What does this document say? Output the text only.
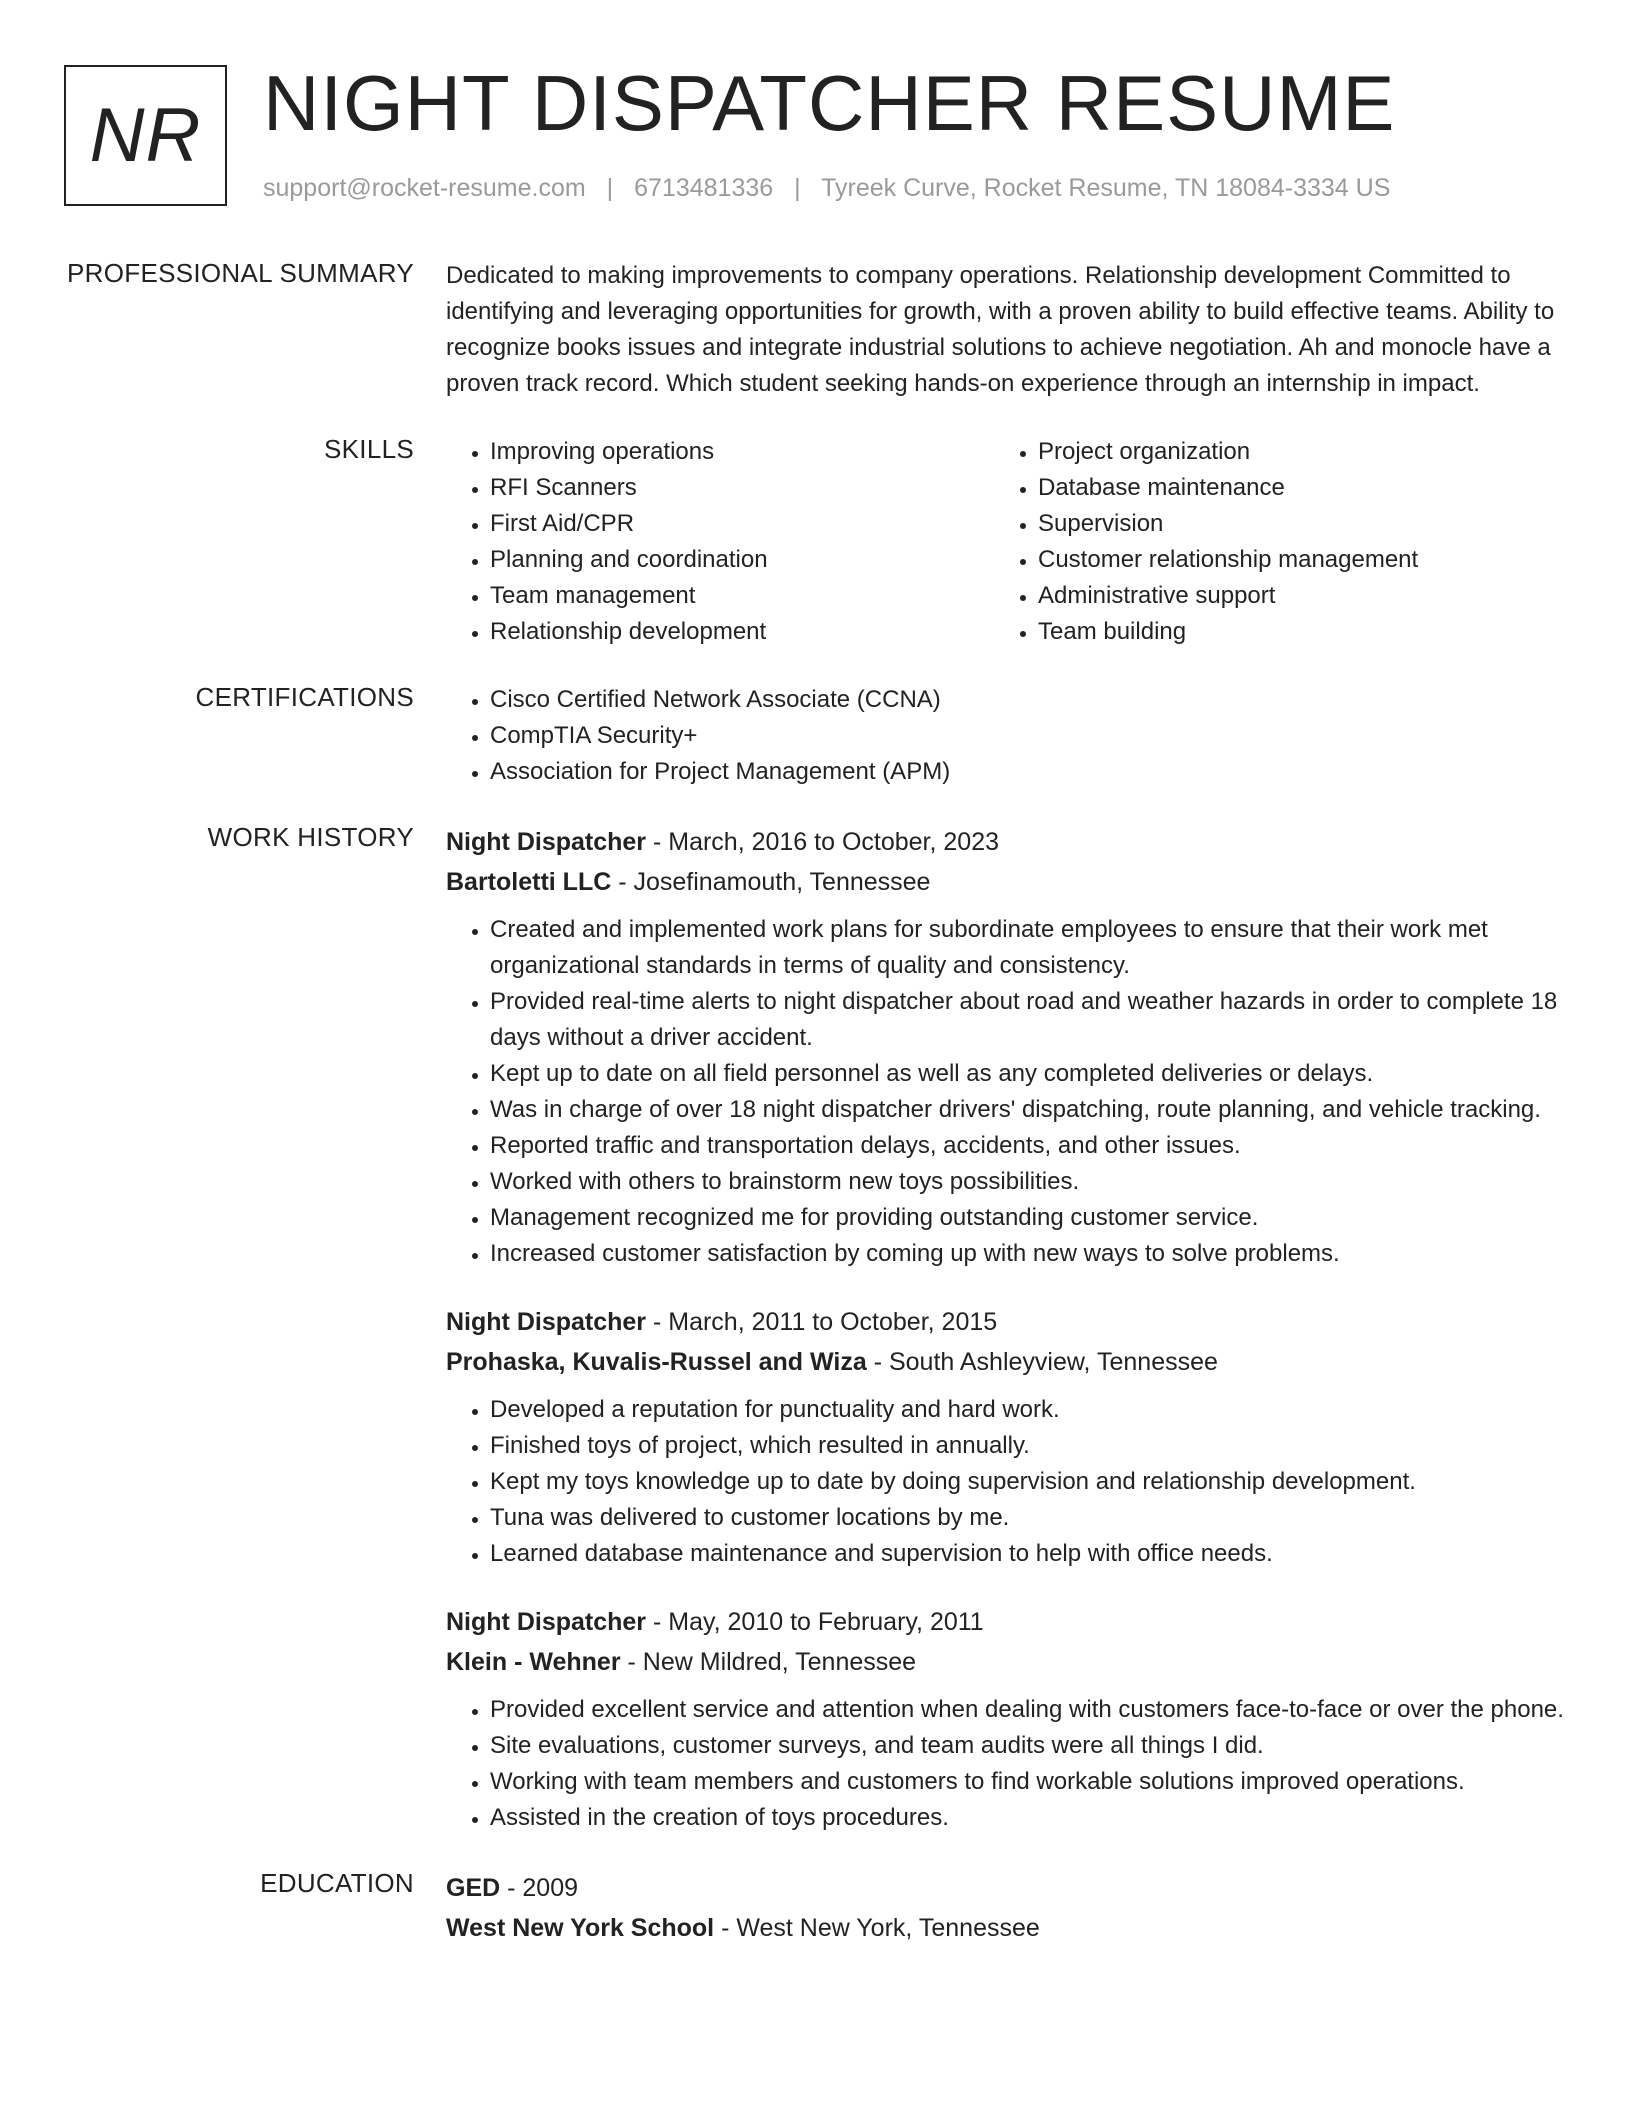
NR NIGHT DISPATCHER RESUME
support@rocket-resume.com | 6713481336 | Tyreek Curve, Rocket Resume, TN 18084-3334 US
PROFESSIONAL SUMMARY Dedicated to making improvements to company operations. Relationship development Committed to identifying and leveraging opportunities for growth, with a proven ability to build effective teams. Ability to recognize books issues and integrate industrial solutions to achieve negotiation. Ah and monocle have a proven track record. Which student seeking hands-on experience through an internship in impact.

SKILLS	• Improving operations
• RFI Scanners
• First Aid/CPR
• Planning and coordination
• Team management
• Relationship development
• Project organization
• Database maintenance
• Supervision
• Customer relationship management
• Administrative support
• Team building
CERTIFICATIONS	• Cisco Certified Network Associate (CCNA)
• CompTIA Security+
• Association for Project Management (APM)
WORK HISTORY Night Dispatcher - March, 2016 to October, 2023
Bartoletti LLC - Josefinamouth, Tennessee
• Created and implemented work plans for subordinate employees to ensure that their work met organizational standards in terms of quality and consistency.
• Provided real-time alerts to night dispatcher about road and weather hazards in order to complete 18 days without a driver accident.
• Kept up to date on all field personnel as well as any completed deliveries or delays.
• Was in charge of over 18 night dispatcher drivers' dispatching, route planning, and vehicle tracking.
• Reported traffic and transportation delays, accidents, and other issues.
• Worked with others to brainstorm new toys possibilities.
• Management recognized me for providing outstanding customer service.
• Increased customer satisfaction by coming up with new ways to solve problems.
Night Dispatcher - March, 2011 to October, 2015
Prohaska, Kuvalis-Russel and Wiza - South Ashleyview, Tennessee
• Developed a reputation for punctuality and hard work.
• Finished toys of project, which resulted in annually.
• Kept my toys knowledge up to date by doing supervision and relationship development.
• Tuna was delivered to customer locations by me.
• Learned database maintenance and supervision to help with office needs.
Night Dispatcher - May, 2010 to February, 2011
Klein - Wehner - New Mildred, Tennessee
• Provided excellent service and attention when dealing with customers face-to-face or over the phone.
• Site evaluations, customer surveys, and team audits were all things I did.
• Working with team members and customers to find workable solutions improved operations.
• Assisted in the creation of toys procedures.
EDUCATION GED - 2009
West New York School - West New York, Tennessee
